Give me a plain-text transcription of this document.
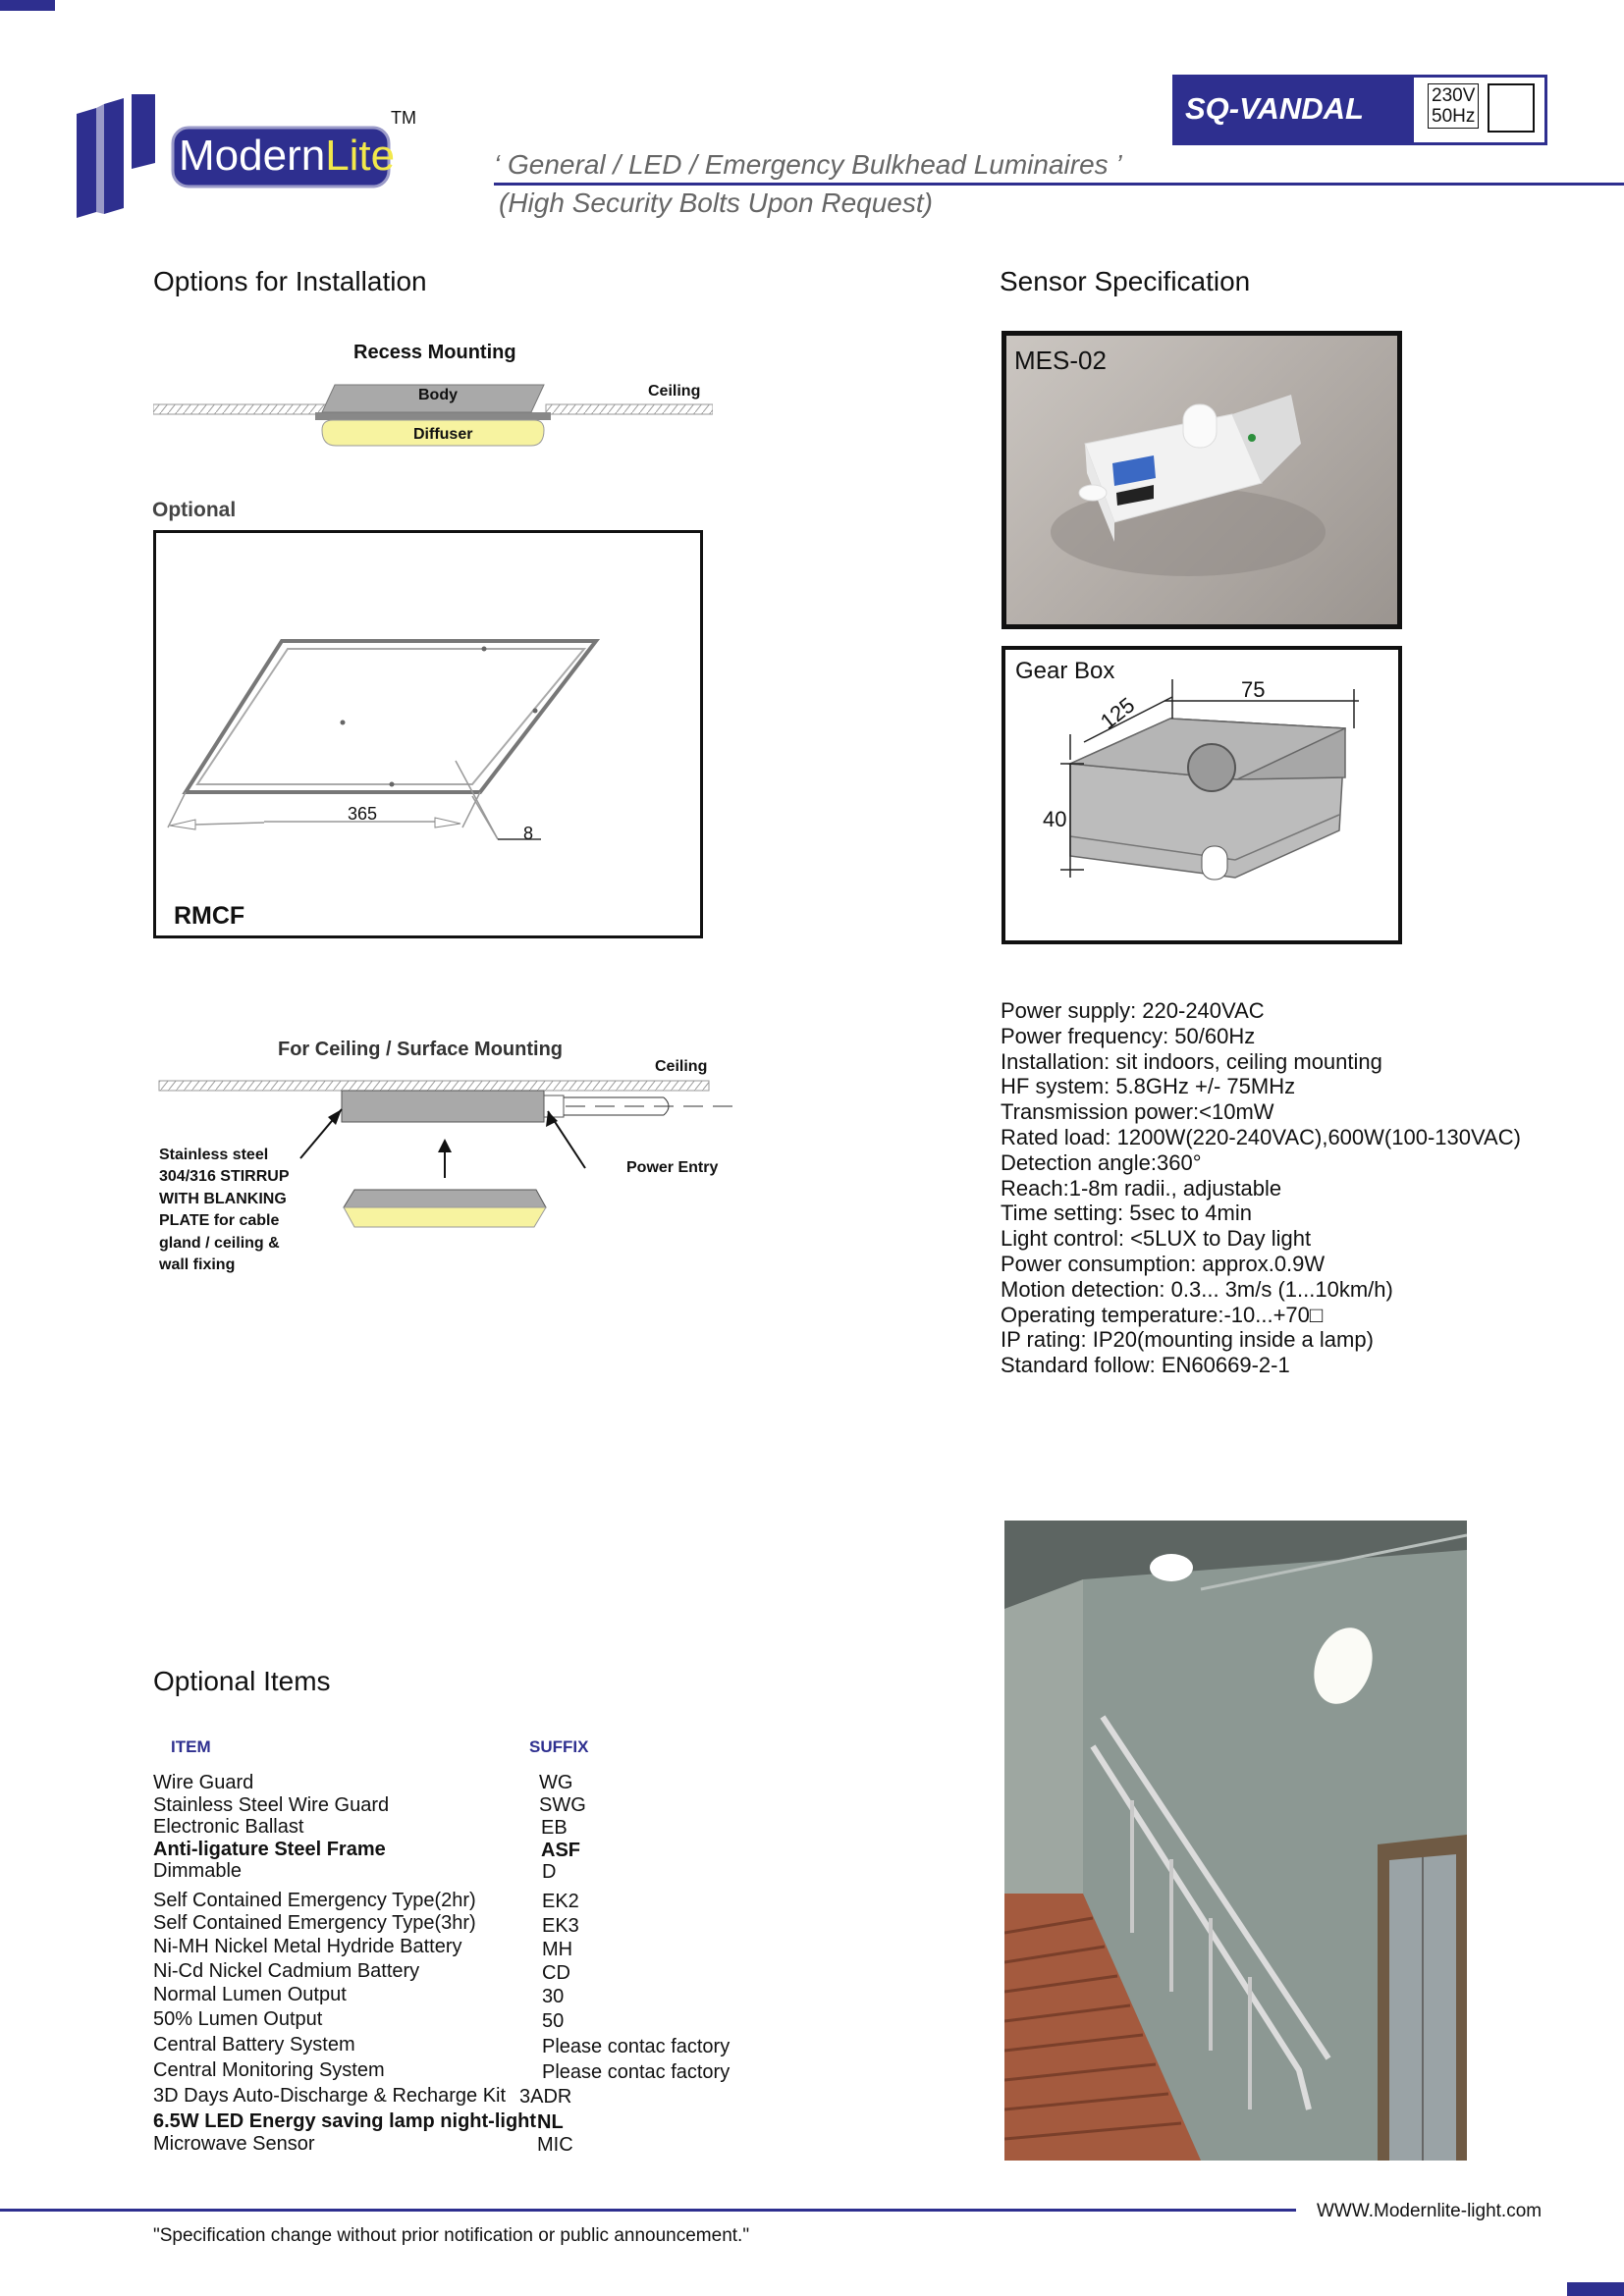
ModernLite
TM	SQ-VANDAL	230V
50Hz
‘ General / LED / Emergency Bulkhead Luminaires ’
(High Security Bolts Upon Request)
Options for Installation
Recess Mounting
Body	Ceiling
Diffuser
Optional
365
8
RMCF
For Ceiling / Surface Mounting
Ceiling
Power Entry
Stainless steel
304/316 STIRRUP
WITH BLANKING
PLATE for cable
gland / ceiling &
wall fixing
Sensor Specification
MES-02
Gear Box
75
125
40
Power supply: 220-240VAC
Power frequency: 50/60Hz
Installation: sit indoors, ceiling mounting
HF system: 5.8GHz +/- 75MHz
Transmission power:<10mW
Rated load: 1200W(220-240VAC),600W(100-130VAC)
Detection angle:360°
Reach:1-8m radii., adjustable
Time setting: 5sec to 4min
Light control: <5LUX to Day light
Power consumption: approx.0.9W
Motion detection: 0.3... 3m/s (1...10km/h)
Operating temperature:-10...+70□
IP rating: IP20(mounting inside a lamp)
Standard follow: EN60669-2-1
Optional Items
ITEM	SUFFIX
Wire Guard	WG
Stainless Steel Wire Guard	SWG
Electronic Ballast	EB
Anti-ligature Steel Frame	ASF
Dimmable	D
Self Contained Emergency Type(2hr)	EK2
Self Contained Emergency Type(3hr)	EK3
Ni-MH Nickel Metal Hydride Battery	MH
Ni-Cd Nickel Cadmium Battery	CD
Normal Lumen Output	30
50% Lumen Output	50
Central Battery System	Please contac factory
Central Monitoring System	Please contac factory
3D Days Auto-Discharge & Recharge Kit 3ADR
6.5W LED Energy saving lamp night-light NL
Microwave Sensor	MIC
WWW.Modernlite-light.com
"Specification change without prior notification or public announcement."
